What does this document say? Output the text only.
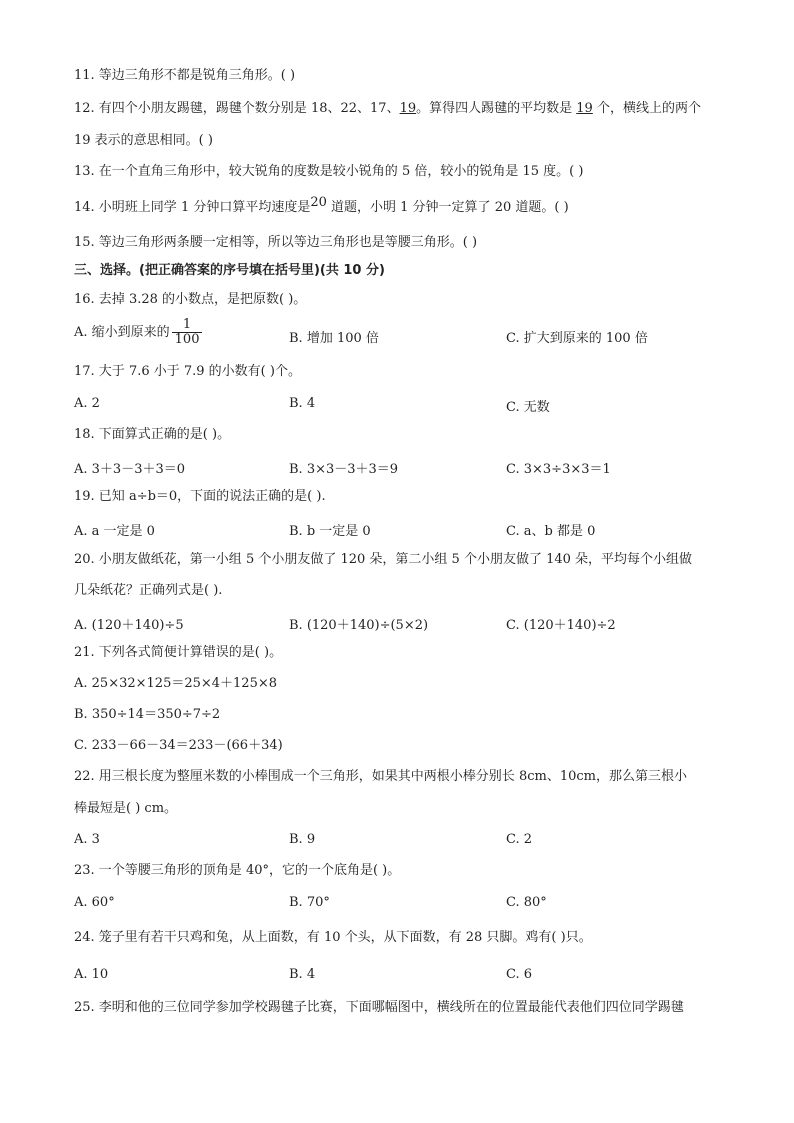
11. 等边三角形不都是锐角三角形。( )
12. 有四个小朋友踢毽，踢毽个数分别是 18、22、17、19。算得四人踢毽的平均数是 19 个，横线上的两个
19 表示的意思相同。( )
13. 在一个直角三角形中，较大锐角的度数是较小锐角的 5 倍，较小的锐角是 15 度。( )
14. 小明班上同学 1 分钟口算平均速度是20 道题，小明 1 分钟一定算了 20 道题。( )
15. 等边三角形两条腰一定相等，所以等边三角形也是等腰三角形。( )
三、选择。(把正确答案的序号填在括号里)(共 10 分)
16. 去掉 3.28 的小数点，是把原数( )。
A. 缩小到原来的 $\frac{1}{100}$	B. 增加 100 倍	C. 扩大到原来的 100 倍
17. 大于 7.6 小于 7.9 的小数有( )个。
A. 2	B. 4	C. 无数
18. 下面算式正确的是( )。
A. 3＋3－3＋3＝0	B. 3×3－3＋3＝9	C. 3×3÷3×3＝1
19. 已知 a÷b＝0，下面的说法正确的是( ).
A. a 一定是 0	B. b 一定是 0	C. a、b 都是 0
20. 小朋友做纸花，第一小组 5 个小朋友做了 120 朵，第二小组 5 个小朋友做了 140 朵，平均每个小组做
几朵纸花？正确列式是( ).
A. (120＋140)÷5	B. (120＋140)÷(5×2)	C. (120＋140)÷2
21. 下列各式简便计算错误的是( )。
A. 25×32×125＝25×4＋125×8
B. 350÷14＝350÷7÷2
C. 233－66－34＝233－(66＋34)
22. 用三根长度为整厘米数的小棒围成一个三角形，如果其中两根小棒分别长 8cm、10cm，那么第三根小
棒最短是( ) cm。
A. 3	B. 9	C. 2
23. 一个等腰三角形的顶角是 40°，它的一个底角是( )。
A. 60°	B. 70°	C. 80°
24. 笼子里有若干只鸡和兔，从上面数，有 10 个头，从下面数，有 28 只脚。鸡有( )只。
A. 10	B. 4	C. 6
25. 李明和他的三位同学参加学校踢毽子比赛，下面哪幅图中，横线所在的位置最能代表他们四位同学踢毽
